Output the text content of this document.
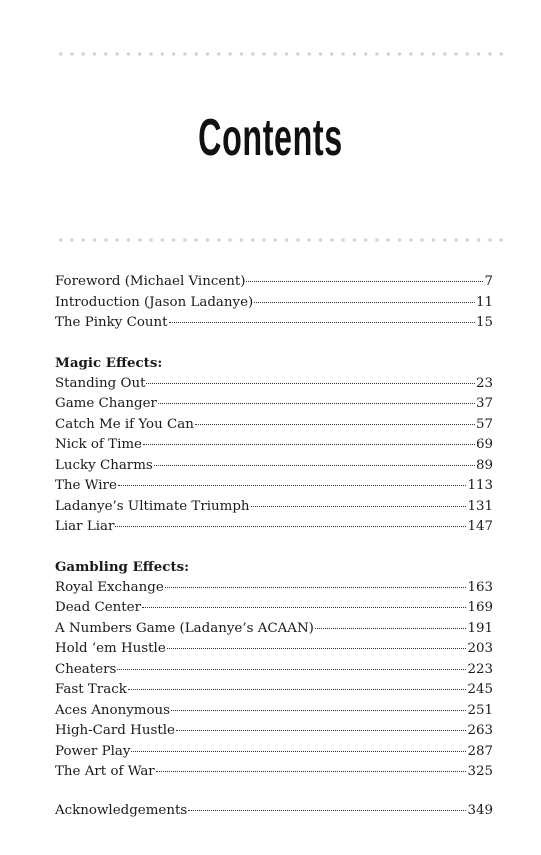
Contents
Foreword (Michael Vincent)	7
Introduction (Jason Ladanye)	11
The Pinky Count	15
Magic Effects:
Standing Out	23
Game Changer	37
Catch Me if You Can	57
Nick of Time	69
Lucky Charms	89
The Wire	113
Ladanye’s Ultimate Triumph	131
Liar Liar	147
Gambling Effects:
Royal Exchange	163
Dead Center	169
A Numbers Game (Ladanye’s ACAAN)	191
Hold ‘em Hustle	203
Cheaters	223
Fast Track	245
Aces Anonymous	251
High-Card Hustle	263
Power Play	287
The Art of War	325
Acknowledgements	349
